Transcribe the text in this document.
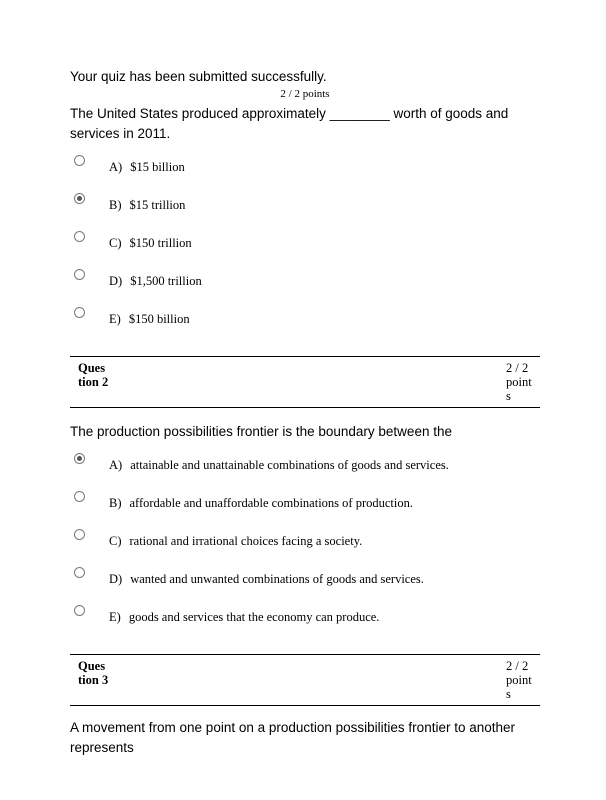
Your quiz has been submitted successfully.
2 / 2 points
The United States produced approximately ________ worth of goods and services in 2011.
A) $15 billion
B) $15 trillion
C) $150 trillion
D) $1,500 trillion
E) $150 billion
Ques
tion 2
2 / 2
point
s
The production possibilities frontier is the boundary between the
A) attainable and unattainable combinations of goods and services.
B) affordable and unaffordable combinations of production.
C) rational and irrational choices facing a society.
D) wanted and unwanted combinations of goods and services.
E) goods and services that the economy can produce.
Ques
tion 3
2 / 2
point
s
A movement from one point on a production possibilities frontier to another represents
